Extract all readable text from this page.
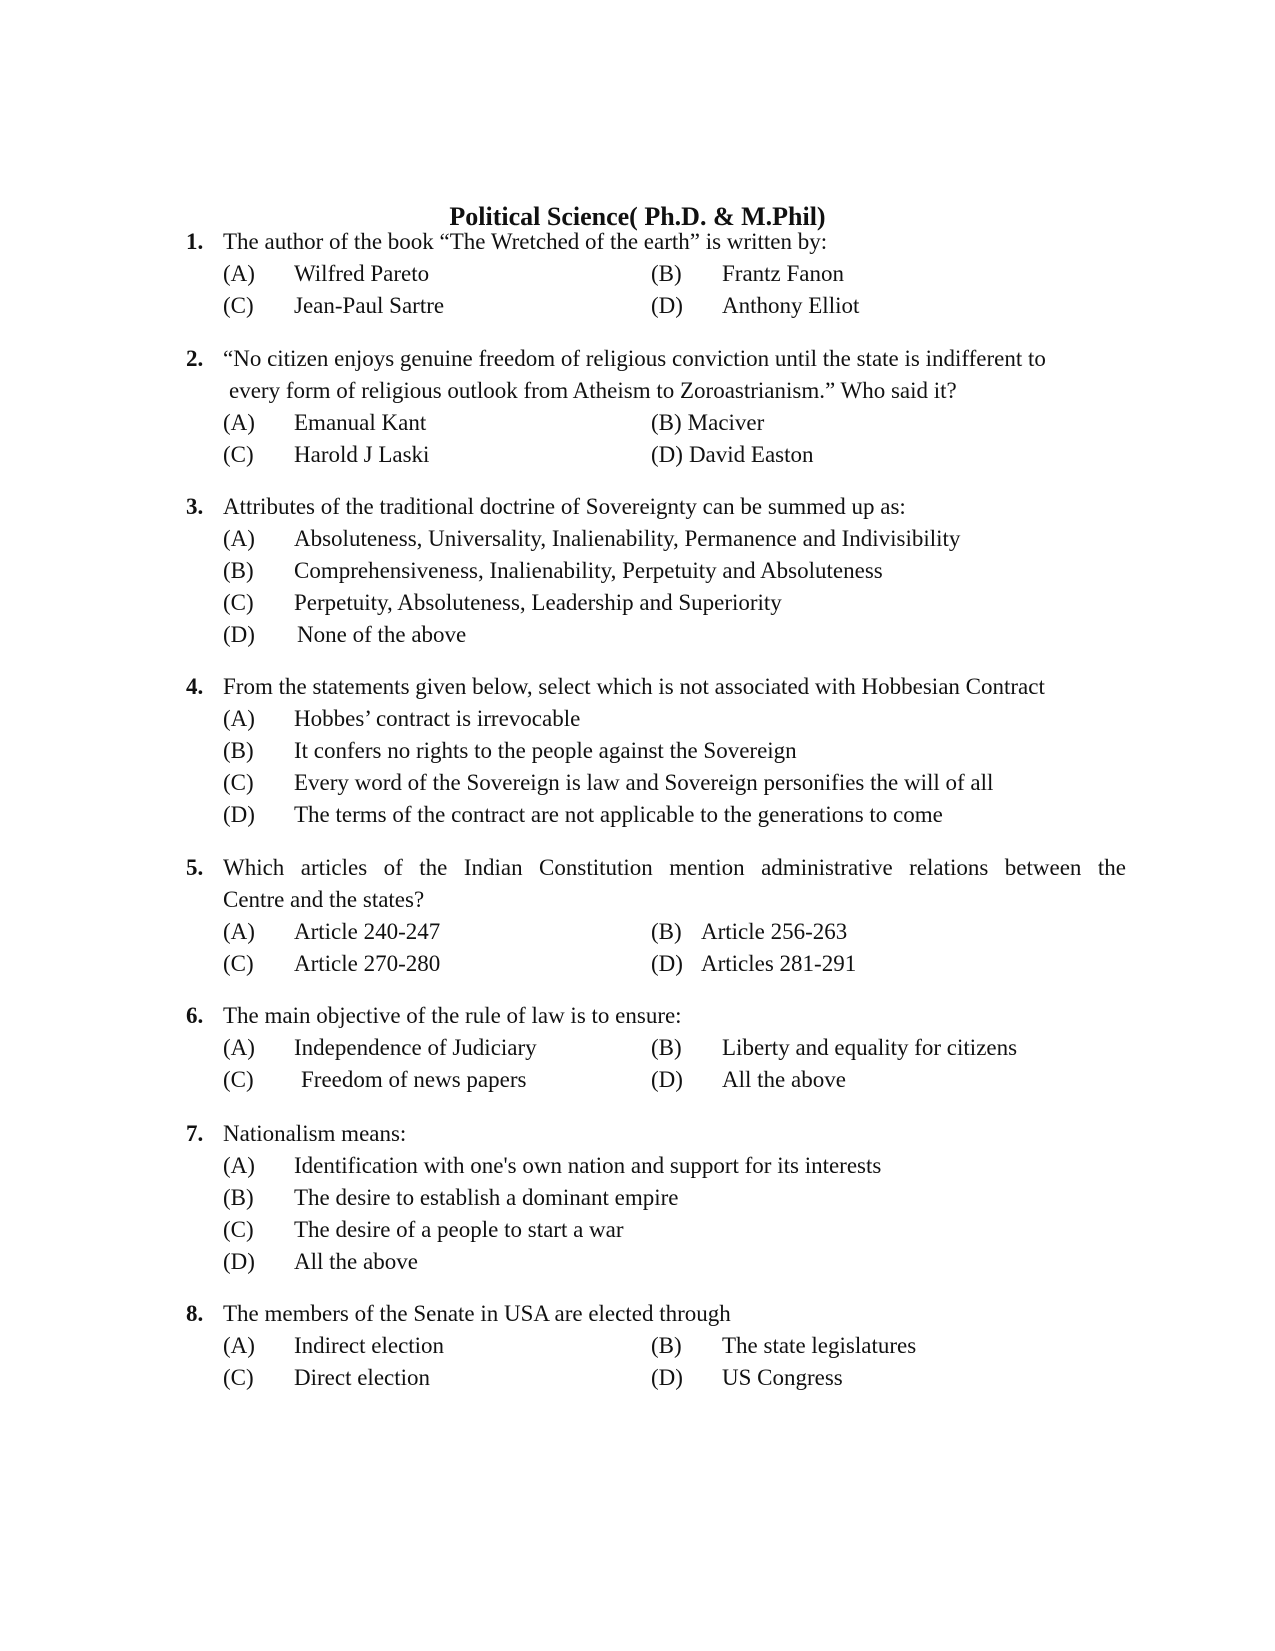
Political Science( Ph.D. & M.Phil)
1. The author of the book “The Wretched of the earth” is written by:
(A) Wilfred Pareto	(B) Frantz Fanon
(C) Jean-Paul Sartre	(D) Anthony Elliot
2. “No citizen enjoys genuine freedom of religious conviction until the state is indifferent to
every form of religious outlook from Atheism to Zoroastrianism.” Who said it?
(A) Emanual Kant	(B) Maciver
(C) Harold J Laski	(D) David Easton
3. Attributes of the traditional doctrine of Sovereignty can be summed up as:
(A) Absoluteness, Universality, Inalienability, Permanence and Indivisibility
(B) Comprehensiveness, Inalienability, Perpetuity and Absoluteness
(C) Perpetuity, Absoluteness, Leadership and Superiority
(D) None of the above
4. From the statements given below, select which is not associated with Hobbesian Contract
(A) Hobbes’ contract is irrevocable
(B) It confers no rights to the people against the Sovereign
(C) Every word of the Sovereign is law and Sovereign personifies the will of all
(D) The terms of the contract are not applicable to the generations to come
5. Which articles of the Indian Constitution mention administrative relations between the
Centre and the states?
(A) Article 240-247	(B) Article 256-263
(C) Article 270-280	(D) Articles 281-291
6. The main objective of the rule of law is to ensure:
(A) Independence of Judiciary	(B) Liberty and equality for citizens
(C) Freedom of news papers	(D) All the above
7. Nationalism means:
(A) Identification with one's own nation and support for its interests
(B) The desire to establish a dominant empire
(C) The desire of a people to start a war
(D) All the above
8. The members of the Senate in USA are elected through
(A) Indirect election	(B) The state legislatures
(C) Direct election	(D) US Congress
